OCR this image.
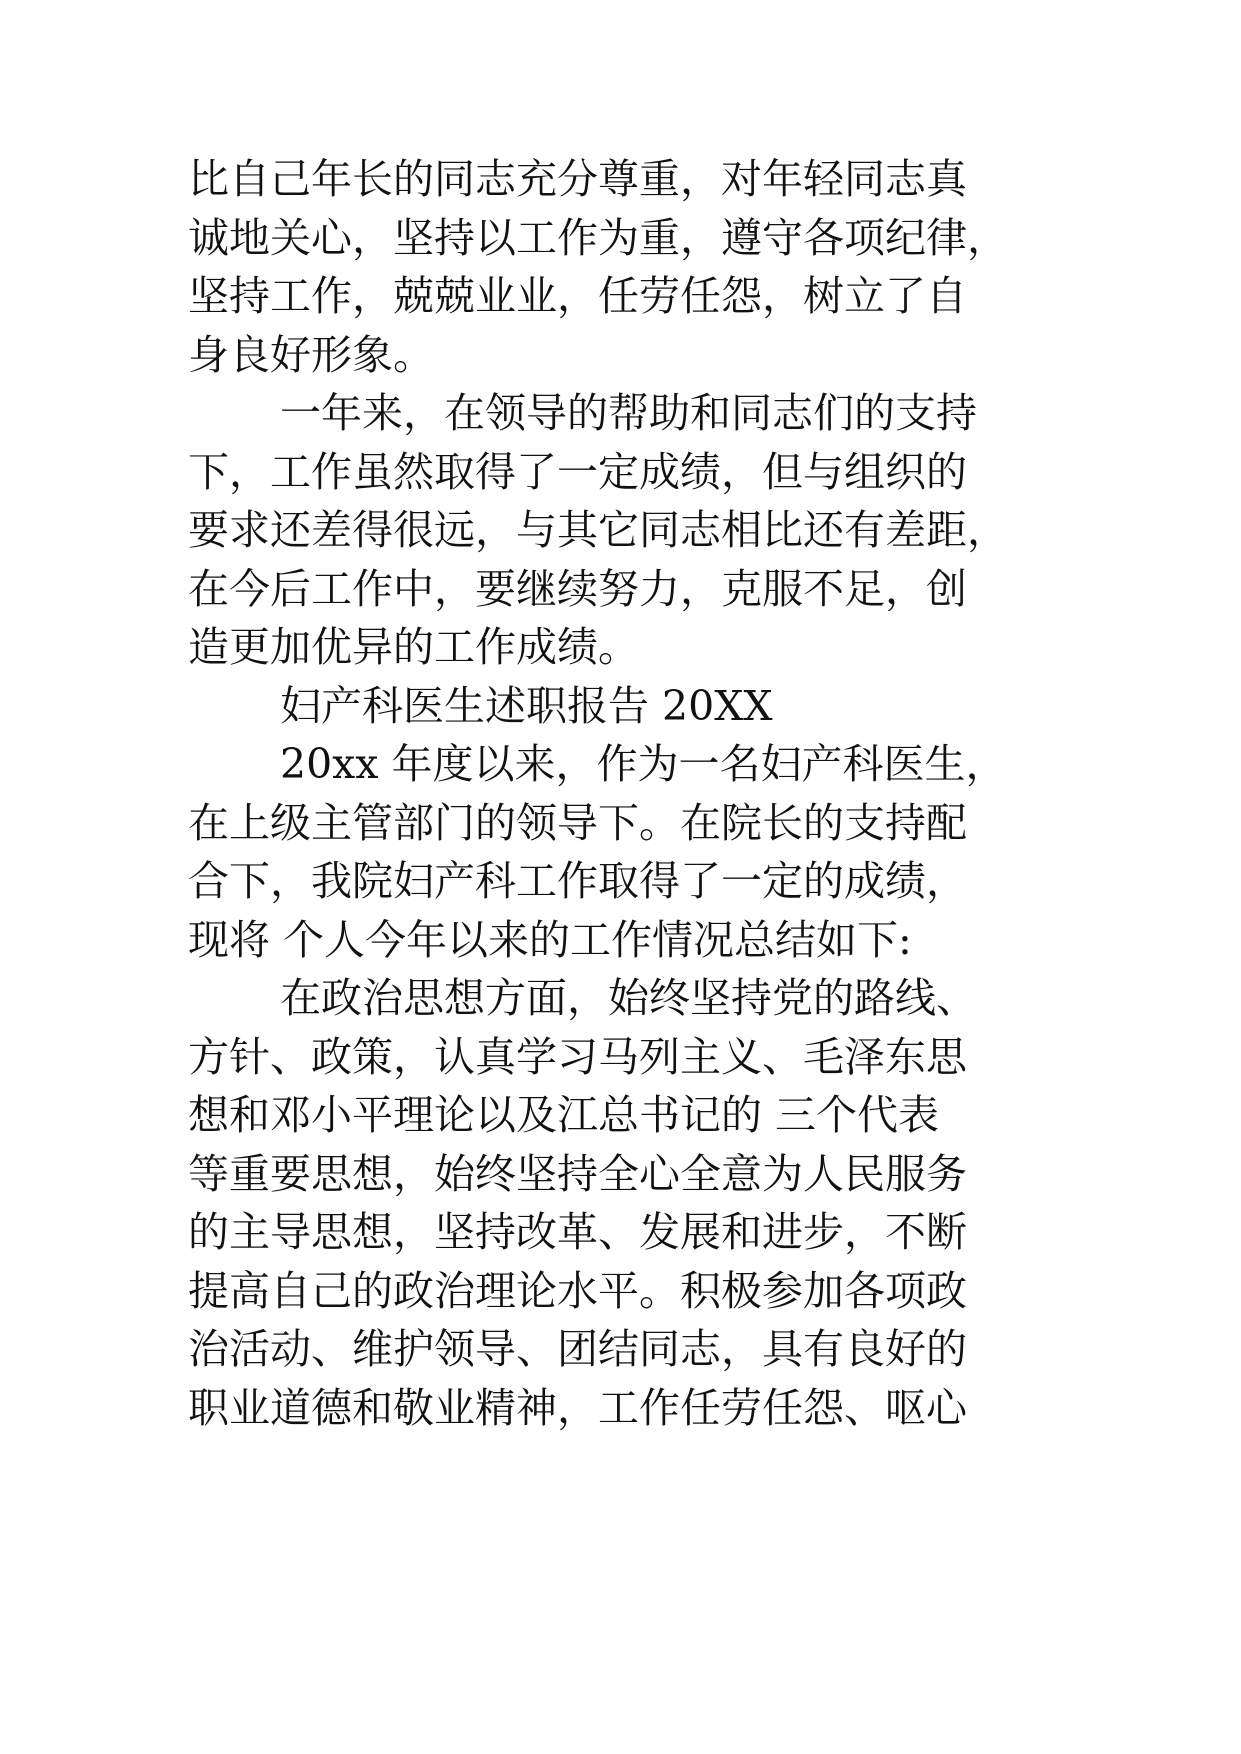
比自己年长的同志充分尊重，对年轻同志真
诚地关心，坚持以工作为重，遵守各项纪律，
坚持工作，兢兢业业，任劳任怨，树立了自
身良好形象。
一年来，在领导的帮助和同志们的支持
下，工作虽然取得了一定成绩，但与组织的
要求还差得很远，与其它同志相比还有差距，
在今后工作中，要继续努力，克服不足，创
造更加优异的工作成绩。
妇产科医生述职报告 20XX
20xx 年度以来，作为一名妇产科医生，
在上级主管部门的领导下。在院长的支持配
合下，我院妇产科工作取得了一定的成绩，
现将 个人今年以来的工作情况总结如下:
在政治思想方面，始终坚持党的路线、
方针、政策，认真学习马列主义、毛泽东思
想和邓小平理论以及江总书记的 三个代表
等重要思想，始终坚持全心全意为人民服务
的主导思想，坚持改革、发展和进步，不断
提高自己的政治理论水平。积极参加各项政
治活动、维护领导、团结同志，具有良好的
职业道德和敬业精神，工作任劳任怨、呕心
